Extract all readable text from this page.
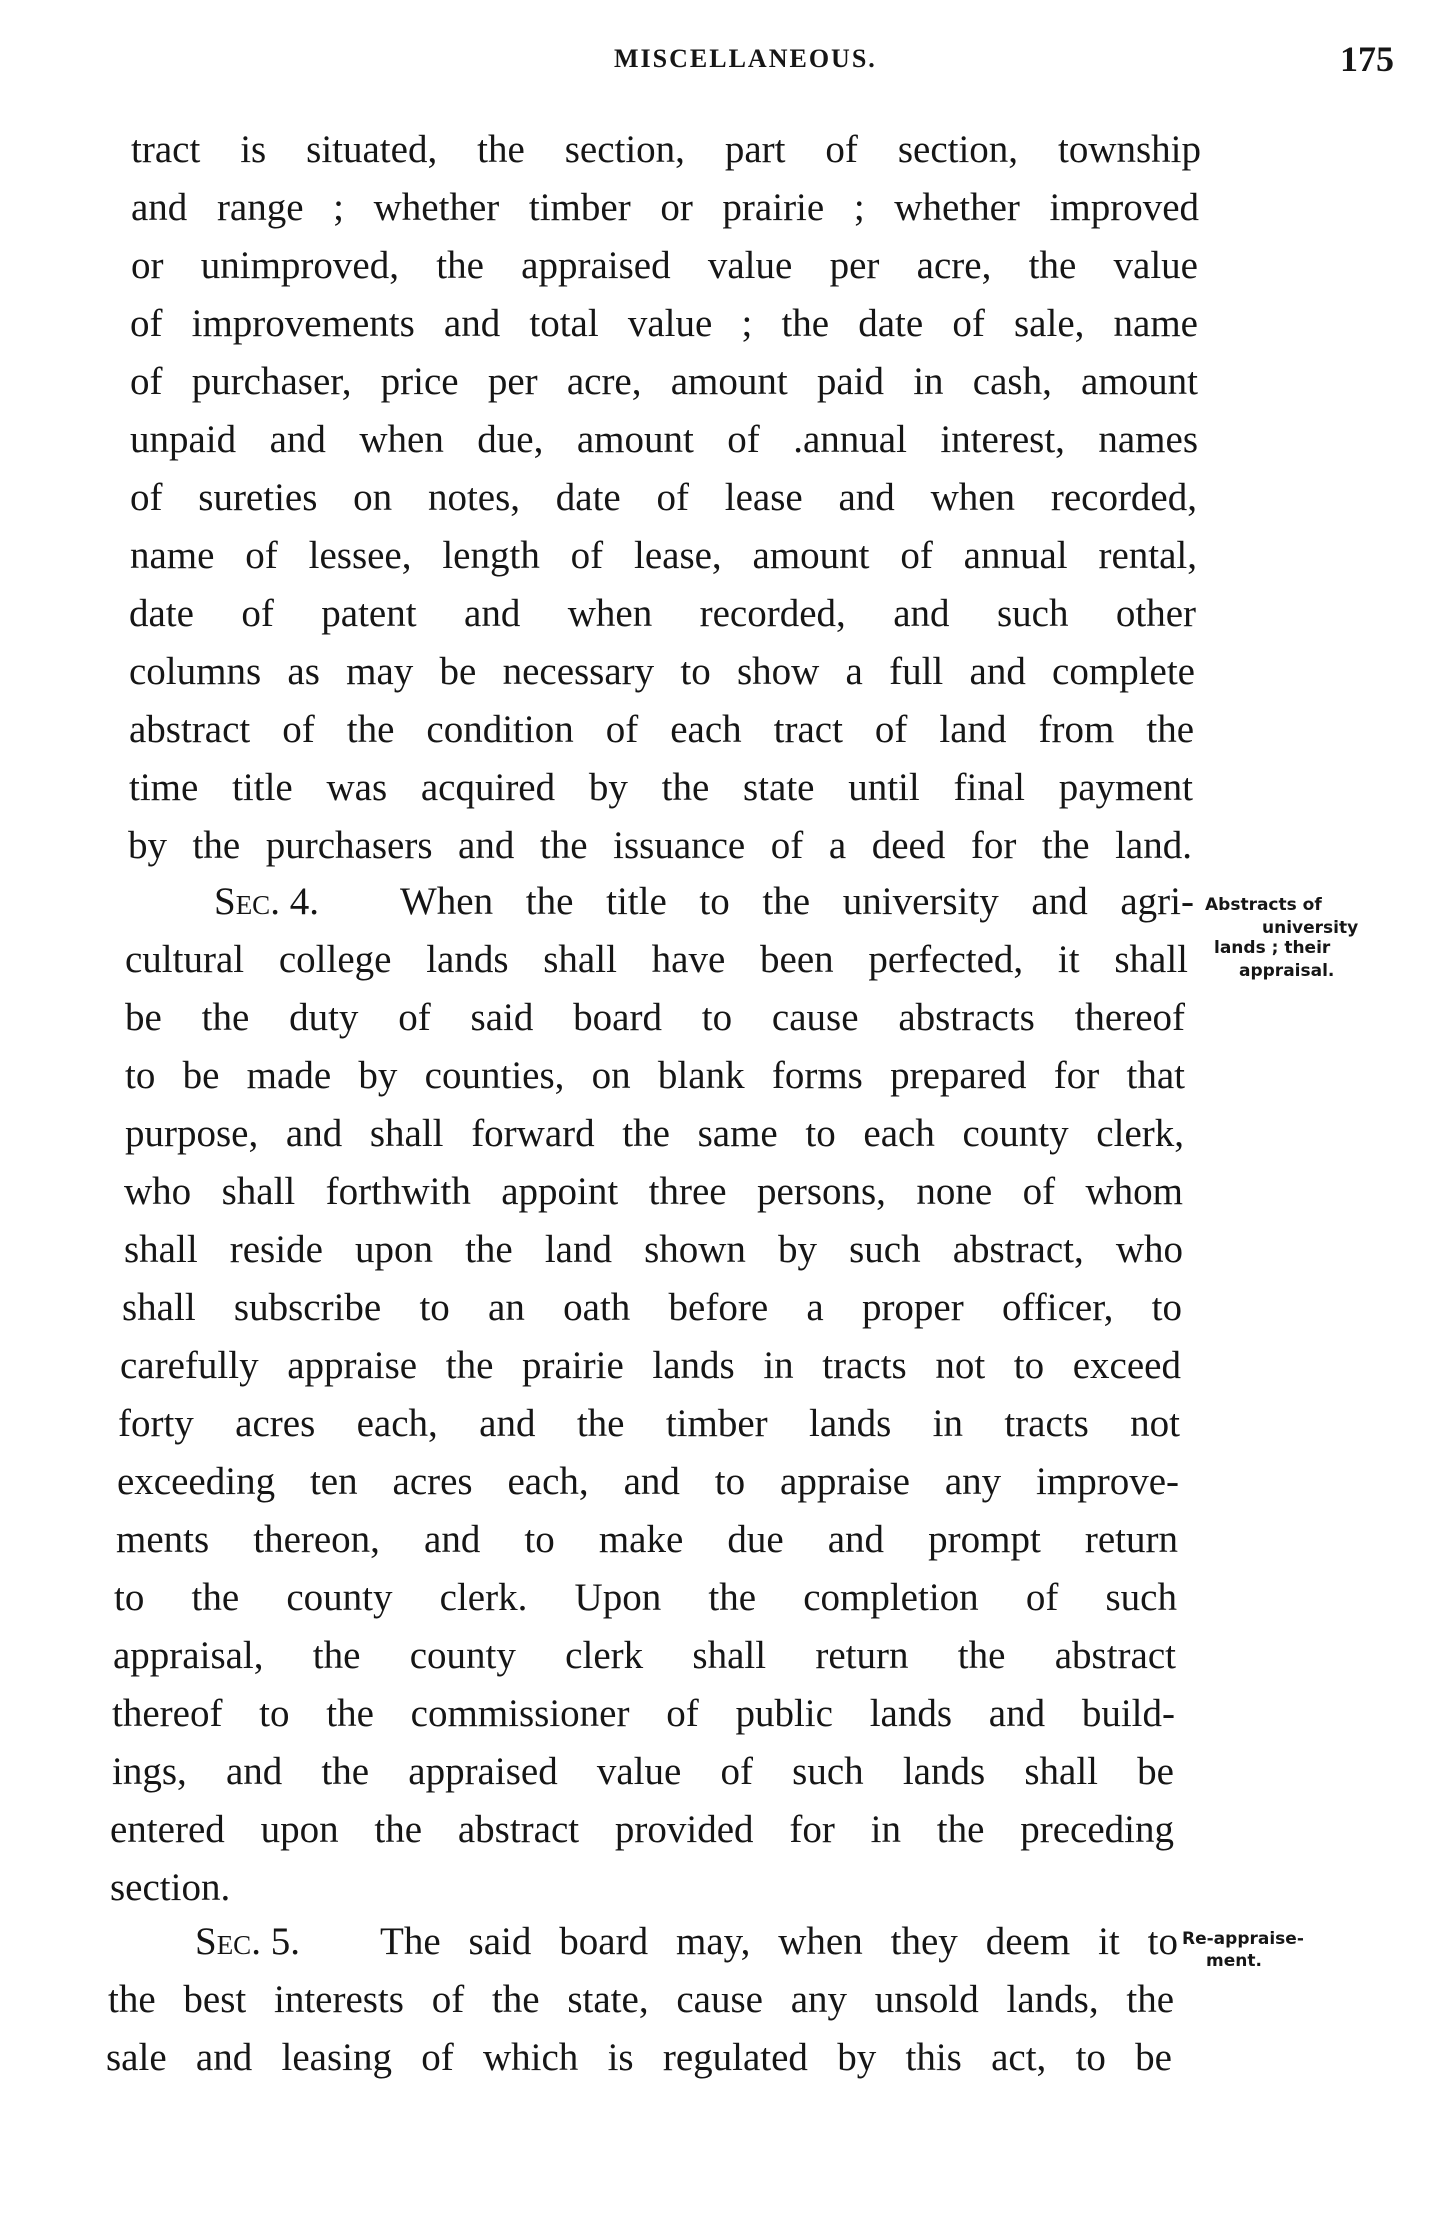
MISCELLANEOUS.	175
tract is situated, the section, part of section, township
and range ; whether timber or prairie ; whether improved
or unimproved, the appraised value per acre, the value
of improvements and total value ; the date of sale, name
of purchaser, price per acre, amount paid in cash, amount
unpaid and when due, amount of .annual interest, names
of sureties on notes, date of lease and when recorded,
name of lessee, length of lease, amount of annual rental,
date of patent and when recorded, and such other
columns as may be necessary to show a full and complete
abstract of the condition of each tract of land from the
time title was acquired by the state until final payment
by the purchasers and the issuance of a deed for the land.
Sec. 4. When the title to the university and agri-
cultural college lands shall have been perfected, it shall
be the duty of said board to cause abstracts thereof
to be made by counties, on blank forms prepared for that
purpose, and shall forward the same to each county clerk,
who shall forthwith appoint three persons, none of whom
shall reside upon the land shown by such abstract, who
shall subscribe to an oath before a proper officer, to
carefully appraise the prairie lands in tracts not to exceed
forty acres each, and the timber lands in tracts not
exceeding ten acres each, and to appraise any improve-
ments thereon, and to make due and prompt return
to the county clerk. Upon the completion of such
appraisal, the county clerk shall return the abstract
thereof to the commissioner of public lands and build-
ings, and the appraised value of such lands shall be
entered upon the abstract provided for in the preceding
section.
Sec. 5. The said board may, when they deem it to
the best interests of the state, cause any unsold lands, the
sale and leasing of which is regulated by this act, to be
Abstracts of
university
lands ; their
appraisal.
Re-appraise-
ment.
